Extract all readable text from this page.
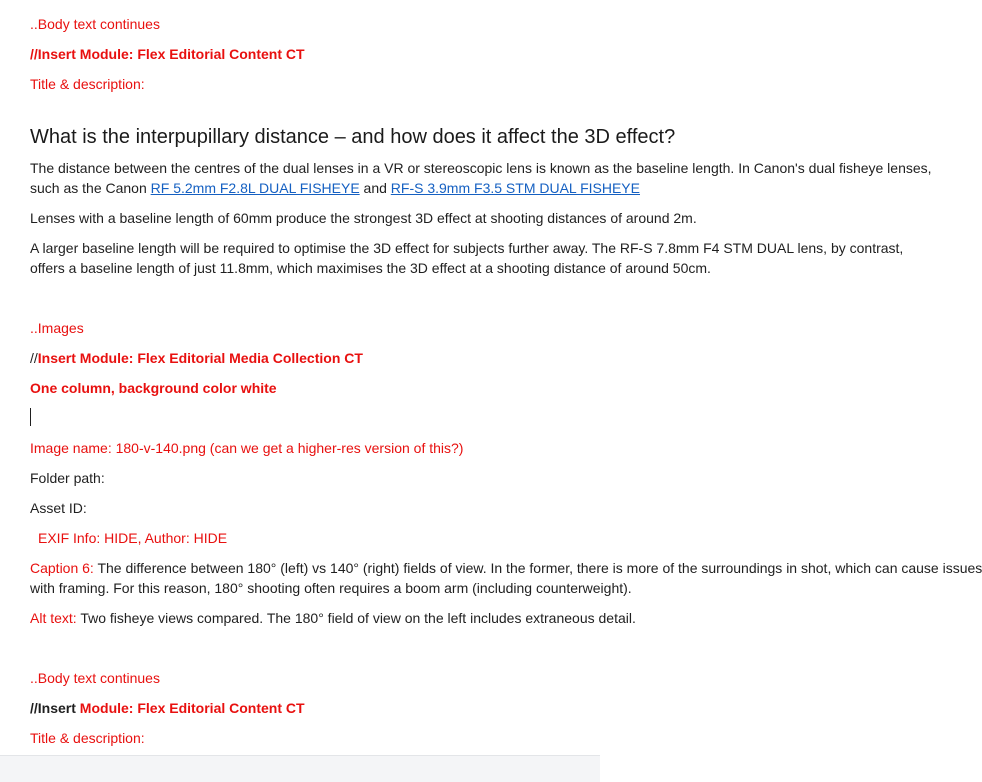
..Body text continues
//Insert Module: Flex Editorial Content CT
Title & description:
What is the interpupillary distance – and how does it affect the 3D effect?
The distance between the centres of the dual lenses in a VR or stereoscopic lens is known as the baseline length. In Canon's dual fisheye lenses,
such as the Canon RF 5.2mm F2.8L DUAL FISHEYE and RF-S 3.9mm F3.5 STM DUAL FISHEYE
Lenses with a baseline length of 60mm produce the strongest 3D effect at shooting distances of around 2m.
A larger baseline length will be required to optimise the 3D effect for subjects further away. The RF-S 7.8mm F4 STM DUAL lens, by contrast,
offers a baseline length of just 11.8mm, which maximises the 3D effect at a shooting distance of around 50cm.
..Images
//Insert Module: Flex Editorial Media Collection CT
One column, background color white
Image name: 180-v-140.png (can we get a higher-res version of this?)
Folder path:
Asset ID:
EXIF Info: HIDE, Author: HIDE
Caption 6: The difference between 180° (left) vs 140° (right) fields of view. In the former, there is more of the surroundings in shot, which can cause issues
with framing. For this reason, 180° shooting often requires a boom arm (including counterweight).
Alt text: Two fisheye views compared. The 180° field of view on the left includes extraneous detail.
..Body text continues
//Insert Module: Flex Editorial Content CT
Title & description:
